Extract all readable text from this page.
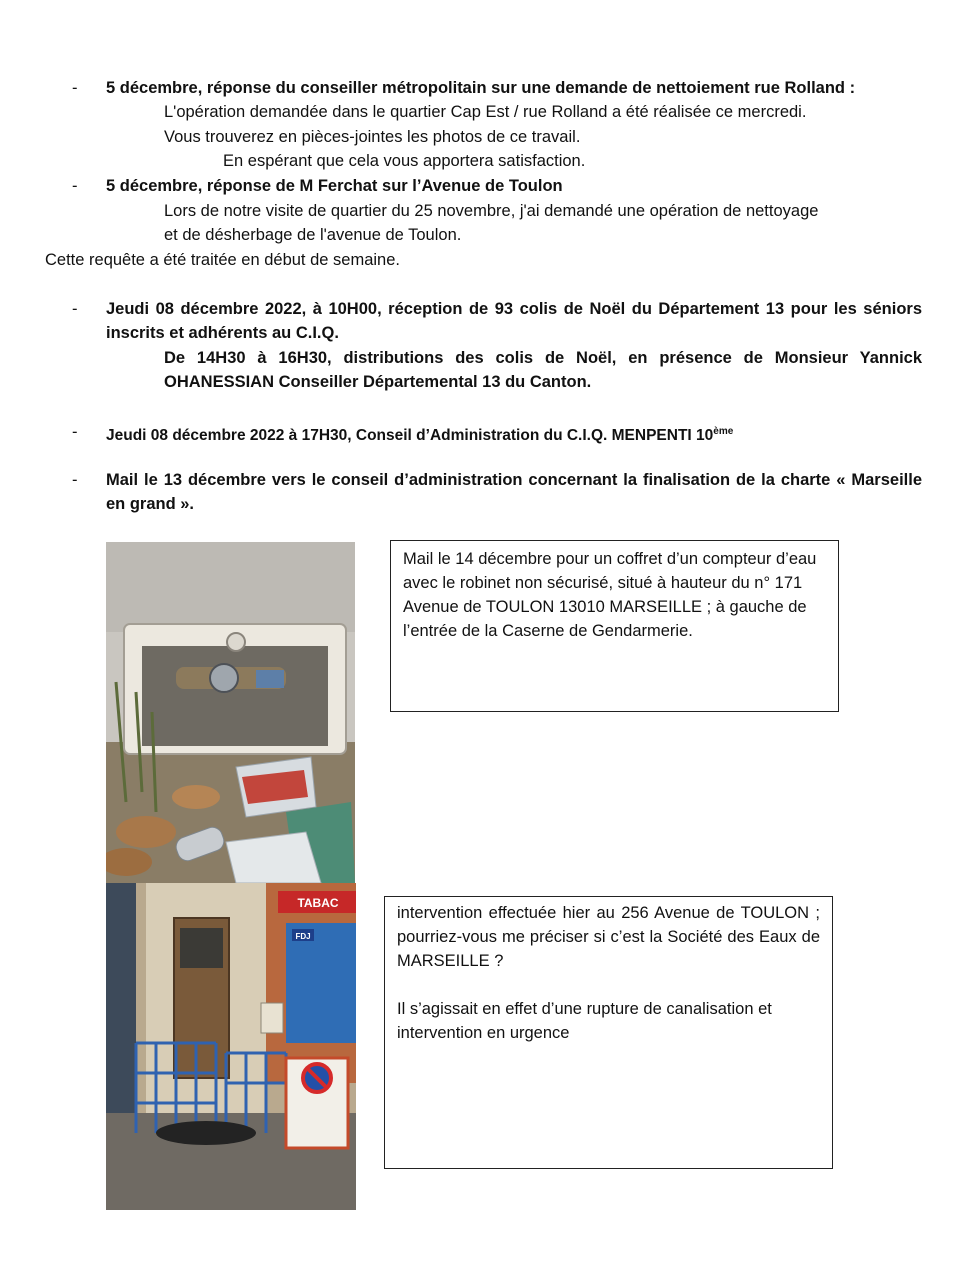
- 5 décembre, réponse du conseiller métropolitain sur une demande de nettoiement rue Rolland :
L'opération demandée dans le quartier Cap Est / rue Rolland a été réalisée ce mercredi.
Vous trouverez en pièces-jointes les photos de ce travail.
En espérant que cela vous apportera satisfaction.
- 5 décembre, réponse de M Ferchat sur l’Avenue de Toulon
Lors de notre visite de quartier du 25 novembre, j'ai demandé une opération de nettoyage
et de désherbage de l'avenue de Toulon.
Cette requête a été traitée en début de semaine.
- Jeudi 08 décembre 2022, à 10H00, réception de 93 colis de Noël du Département 13 pour les séniors inscrits et adhérents au C.I.Q.
De 14H30 à 16H30, distributions des colis de Noël, en présence de Monsieur Yannick OHANESSIAN Conseiller Départemental 13 du Canton.
- Jeudi 08 décembre 2022 à 17H30, Conseil d’Administration du C.I.Q. MENPENTI 10ème
- Mail le 13 décembre vers le conseil d’administration concernant la finalisation de la charte « Marseille en grand ».
TABAC
FDJ
Mail le 14 décembre pour un coffret d’un compteur d’eau avec le robinet non sécurisé, situé à hauteur du n° 171 Avenue de TOULON 13010 MARSEILLE ; à gauche de l’entrée de la Caserne de Gendarmerie.
intervention effectuée hier au 256 Avenue de TOULON ; pourriez-vous me préciser si c’est la Société des Eaux de MARSEILLE ?
Il s’agissait en effet d’une rupture de canalisation et intervention en urgence
